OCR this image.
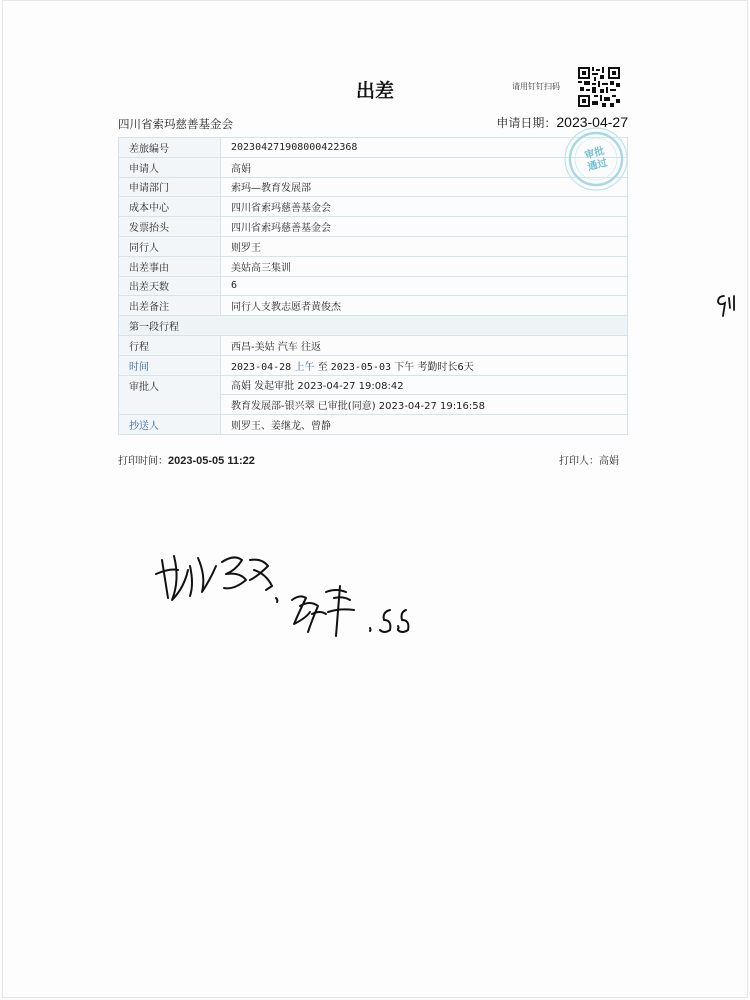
出差	请用钉钉扫码
四川省索玛慈善基金会	申请日期：2023-04-27
差旅编号	202304271908000422368
申请人	高娟
申请部门	索玛—教育发展部
成本中心	四川省索玛慈善基金会
发票抬头	四川省索玛慈善基金会
同行人	则罗王
出差事由	美姑高三集训
出差天数	6
出差备注	同行人支教志愿者黄俊杰
第一段行程	
行程	西昌-美姑 汽车 往返
时间	2023-04-28 上午 至 2023-05-03 下午 考勤时长6天
审批人	高娟 发起审批 2023-04-27 19:08:42
	教育发展部-银兴翠 已审批(同意) 2023-04-27 19:16:58
抄送人	则罗王、姜继龙、曾静
审批
通过
打印时间：2023-05-05 11:22	打印人：高娟
